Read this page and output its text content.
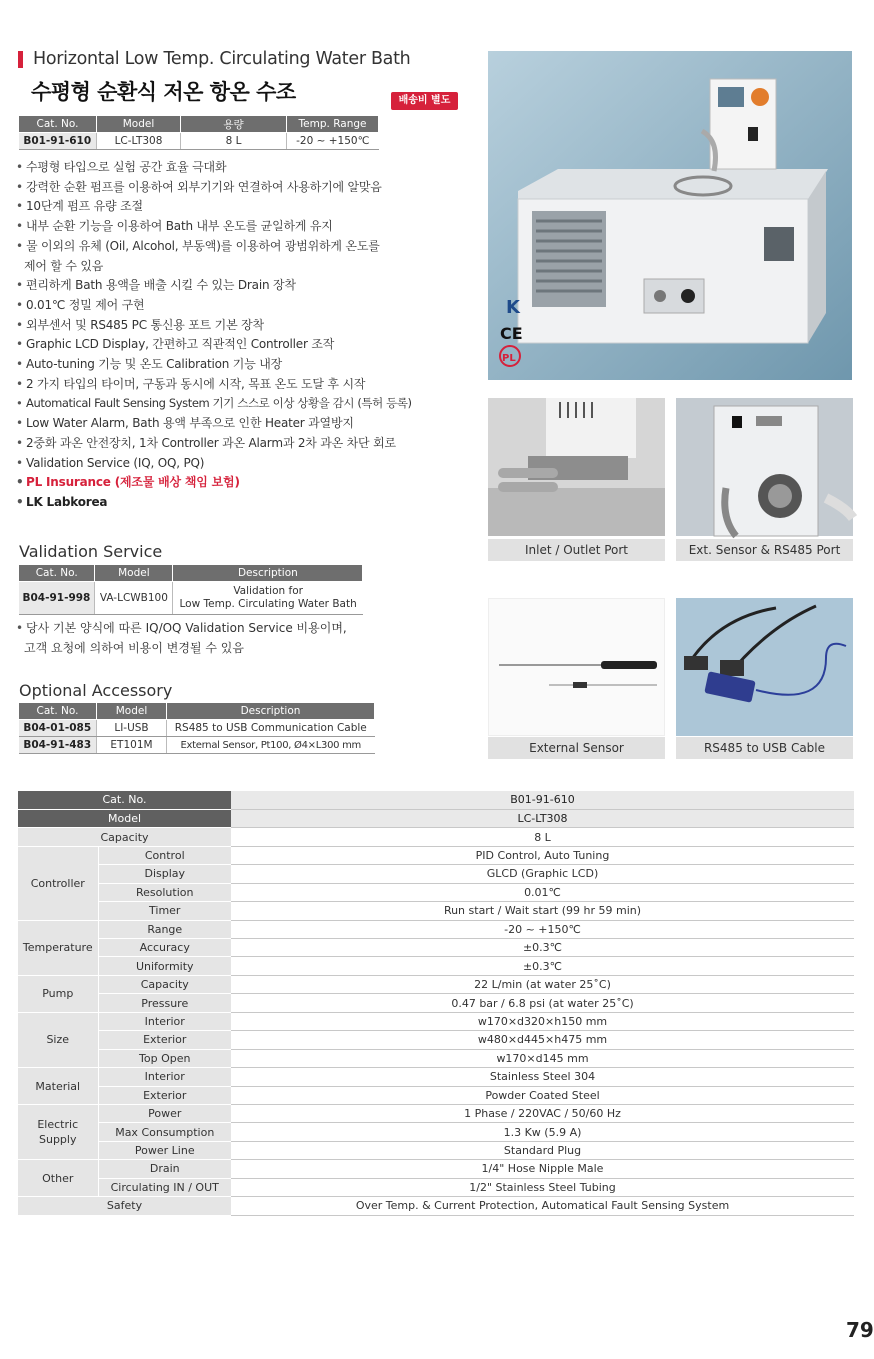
Horizontal Low Temp. Circulating Water Bath
수평형 순환식 저온 항온 수조	배송비 별도
Cat. No.	Model	용량	Temp. Range
B01-91-610	LC-LT308	8 L	-20 ~ +150℃
• 수평형 타입으로 실험 공간 효율 극대화
• 강력한 순환 펌프를 이용하여 외부기기와 연결하여 사용하기에 알맞음
• 10단계 펌프 유량 조절
• 내부 순환 기능을 이용하여 Bath 내부 온도를 균일하게 유지
• 물 이외의 유체 (Oil, Alcohol, 부동액)를 이용하여 광범위하게 온도를
제어 할 수 있음
• 편리하게 Bath 용액을 배출 시킬 수 있는 Drain 장착
• 0.01℃ 정밀 제어 구현
• 외부센서 및 RS485 PC 통신용 포트 기본 장착
• Graphic LCD Display, 간편하고 직관적인 Controller 조작
• Auto-tuning 기능 및 온도 Calibration 기능 내장
• 2 가지 타입의 타이머, 구동과 동시에 시작, 목표 온도 도달 후 시작
• Automatical Fault Sensing System 기기 스스로 이상 상황을 감시 (특허 등록)
• Low Water Alarm, Bath 용액 부족으로 인한 Heater 과열방지
• 2중화 과온 안전장치, 1차 Controller 과온 Alarm과 2차 과온 차단 회로
• Validation Service (IQ, OQ, PQ)
• PL Insurance (제조물 배상 책임 보험)
• LK Labkorea
Validation Service
Cat. No.	Model	Description
B04-91-998	VA-LCWB100	Validation for
Low Temp. Circulating Water Bath
• 당사 기본 양식에 따른 IQ/OQ Validation Service 비용이며,
고객 요청에 의하여 비용이 변경될 수 있음
Optional Accessory
Cat. No.	Model	Description
B04-01-085	LI-USB	RS485 to USB Communication Cable
B04-91-483	ET101M	External Sensor, Pt100, Ø4×L300 mm
K
CE
PL
Inlet / Outlet Port	Ext. Sensor & RS485 Port
External Sensor	RS485 to USB Cable
Cat. No.		B01-91-610
Model		LC-LT308
Capacity		8 L
Controller	Control	PID Control, Auto Tuning
	Display	GLCD (Graphic LCD)
	Resolution	0.01℃
	Timer	Run start / Wait start (99 hr 59 min)
Temperature	Range	-20 ~ +150℃
	Accuracy	±0.3℃
	Uniformity	±0.3℃
Pump	Capacity	22 L/min (at water 25˚C)
	Pressure	0.47 bar / 6.8 psi (at water 25˚C)
Size	Interior	w170×d320×h150 mm
	Exterior	w480×d445×h475 mm
	Top Open	w170×d145 mm
Material	Interior	Stainless Steel 304
	Exterior	Powder Coated Steel
Electric
Supply	Power	1 Phase / 220VAC / 50/60 Hz
	Max Consumption	1.3 Kw (5.9 A)
	Power Line	Standard Plug
Other	Drain	1/4" Hose Nipple Male
	Circulating IN / OUT	1/2" Stainless Steel Tubing
Safety		Over Temp. & Current Protection, Automatical Fault Sensing System
79
